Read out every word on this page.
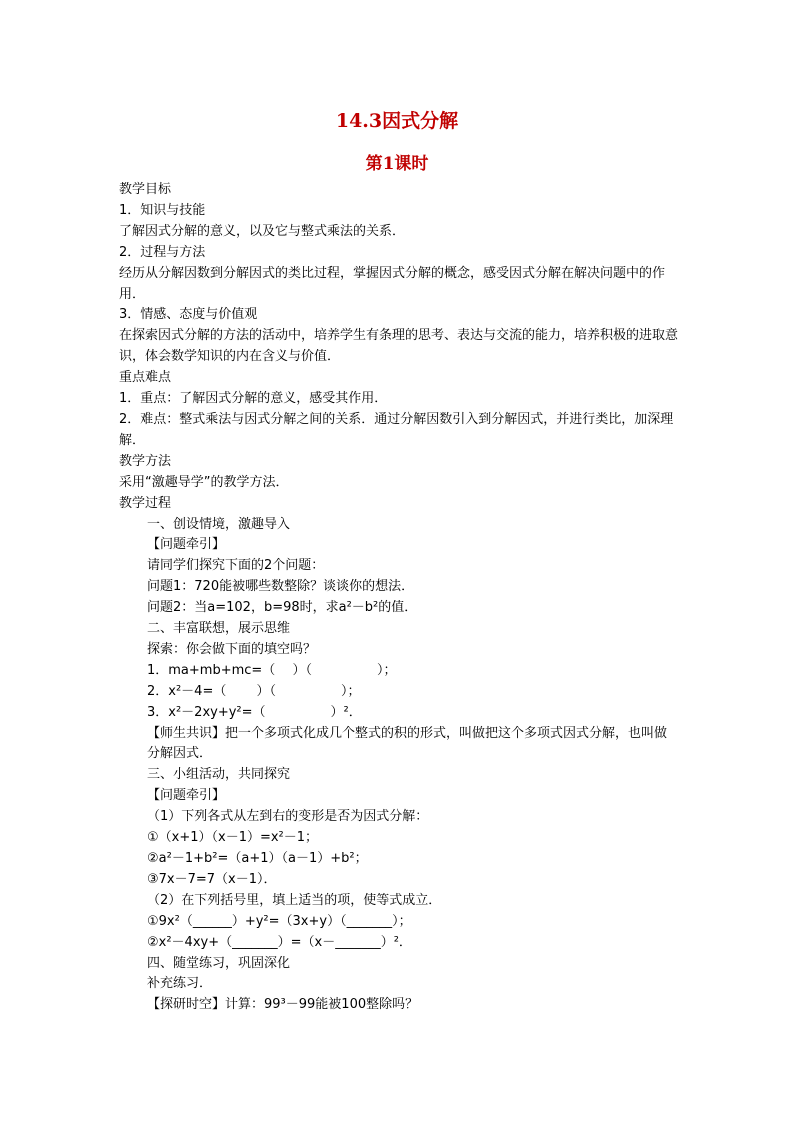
14.3因式分解
第1课时

教学目标

1．知识与技能

了解因式分解的意义，以及它与整式乘法的关系．

2．过程与方法

经历从分解因数到分解因式的类比过程，掌握因式分解的概念，感受因式分解在解决问题中的作用．

3．情感、态度与价值观

在探索因式分解的方法的活动中，培养学生有条理的思考、表达与交流的能力，培养积极的进取意识，体会数学知识的内在含义与价值．

重点难点

1．重点：了解因式分解的意义，感受其作用．

2．难点：整式乘法与因式分解之间的关系．通过分解因数引入到分解因式，并进行类比，加深理解．

教学方法

采用“激趣导学”的教学方法．

教学过程

一、创设情境，激趣导入

【问题牵引】

请同学们探究下面的2个问题：

问题1：720能被哪些数整除？谈谈你的想法．

问题2：当a=102，b=98时，求a²－b²的值．

二、丰富联想，展示思维

探索：你会做下面的填空吗？

1．ma+mb+mc=（　 ）（　　　　　）；

2．x²－4=（　　 ）（　　　　　）；

3．x²－2xy+y²=（　　　　　）²．

【师生共识】把一个多项式化成几个整式的积的形式，叫做把这个多项式因式分解，也叫做分解因式．

三、小组活动，共同探究

【问题牵引】

（1）下列各式从左到右的变形是否为因式分解：

①（x+1）（x－1）=x²－1；

②a²－1+b²=（a+1）（a－1）+b²；

③7x－7=7（x－1）．

（2）在下列括号里，填上适当的项，使等式成立．

①9x²（______）+y²=（3x+y）（_______）；

②x²－4xy+（_______）=（x－_______）²．

四、随堂练习，巩固深化

补充练习．

【探研时空】计算：99³－99能被100整除吗？
